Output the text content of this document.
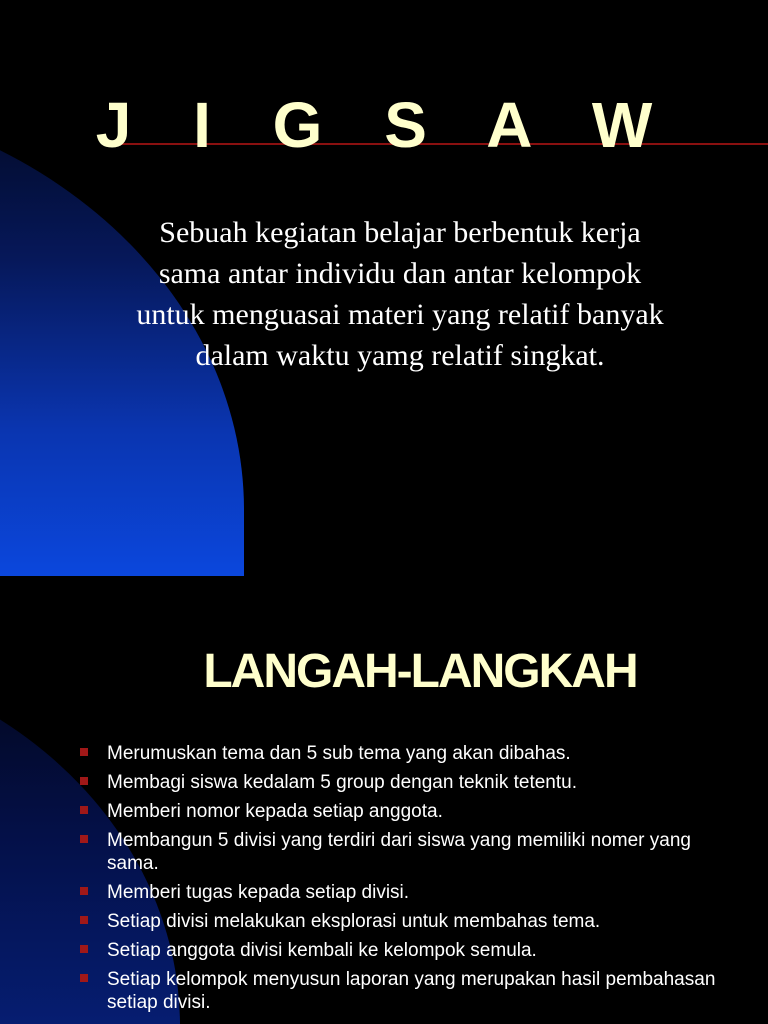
J I G S A W

Sebuah kegiatan belajar berbentuk kerja sama antar individu dan antar kelompok untuk menguasai materi yang relatif banyak dalam waktu yamg relatif singkat.

LANGAH-LANGKAH
Merumuskan tema dan 5 sub tema yang akan dibahas.
Membagi siswa kedalam 5 group dengan teknik tetentu.
Memberi nomor kepada setiap anggota.
Membangun 5 divisi yang terdiri dari siswa yang memiliki nomer yang sama.
Memberi tugas kepada setiap divisi.
Setiap divisi melakukan eksplorasi untuk membahas tema.
Setiap anggota divisi kembali ke kelompok semula.
Setiap kelompok menyusun laporan yang merupakan hasil pembahasan setiap divisi.
